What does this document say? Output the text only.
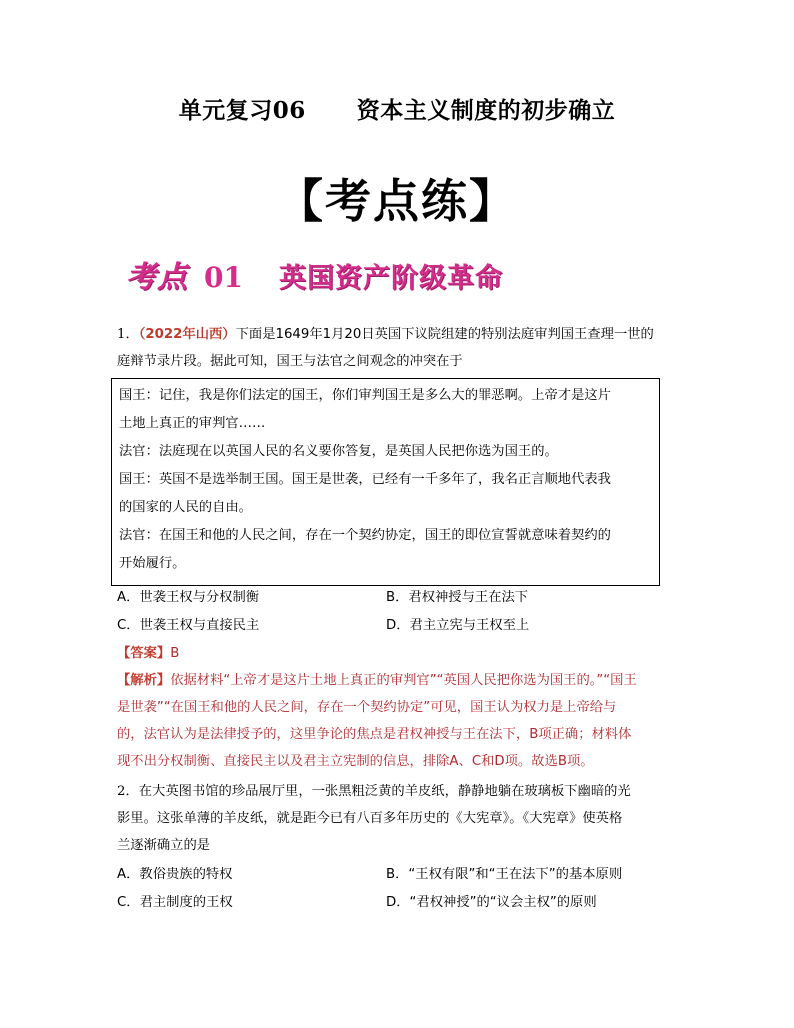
单元复习06      资本主义制度的初步确立
【考点练】
考点 01 英国资产阶级革命
1．（2022年山西）下面是1649年1月20日英国下议院组建的特别法庭审判国王查理一世的
庭辩节录片段。据此可知，国王与法官之间观念的冲突在于
国王：记住，我是你们法定的国王，你们审判国王是多么大的罪恶啊。上帝才是这片
土地上真正的审判官……
法官：法庭现在以英国人民的名义要你答复，是英国人民把你选为国王的。
国王：英国不是选举制王国。国王是世袭，已经有一千多年了，我名正言顺地代表我
的国家的人民的自由。
法官：在国王和他的人民之间，存在一个契约协定，国王的即位宣誓就意味着契约的
开始履行。
A．世袭王权与分权制衡	B．君权神授与王在法下
C．世袭王权与直接民主	D．君主立宪与王权至上
【答案】B
【解析】依据材料“上帝才是这片土地上真正的审判官”“英国人民把你选为国王的。”“国王
是世袭”“在国王和他的人民之间，存在一个契约协定”可见，国王认为权力是上帝给与
的，法官认为是法律授予的，这里争论的焦点是君权神授与王在法下，B项正确；材料体
现不出分权制衡、直接民主以及君主立宪制的信息，排除A、C和D项。故选B项。
2．在大英图书馆的珍品展厅里，一张黑粗泛黄的羊皮纸，静静地躺在玻璃板下幽暗的光
影里。这张单薄的羊皮纸，就是距今已有八百多年历史的《大宪章》。《大宪章》使英格
兰逐渐确立的是
A．教俗贵族的特权	B．“王权有限”和“王在法下”的基本原则
C．君主制度的王权	D．“君权神授”的“议会主权”的原则
